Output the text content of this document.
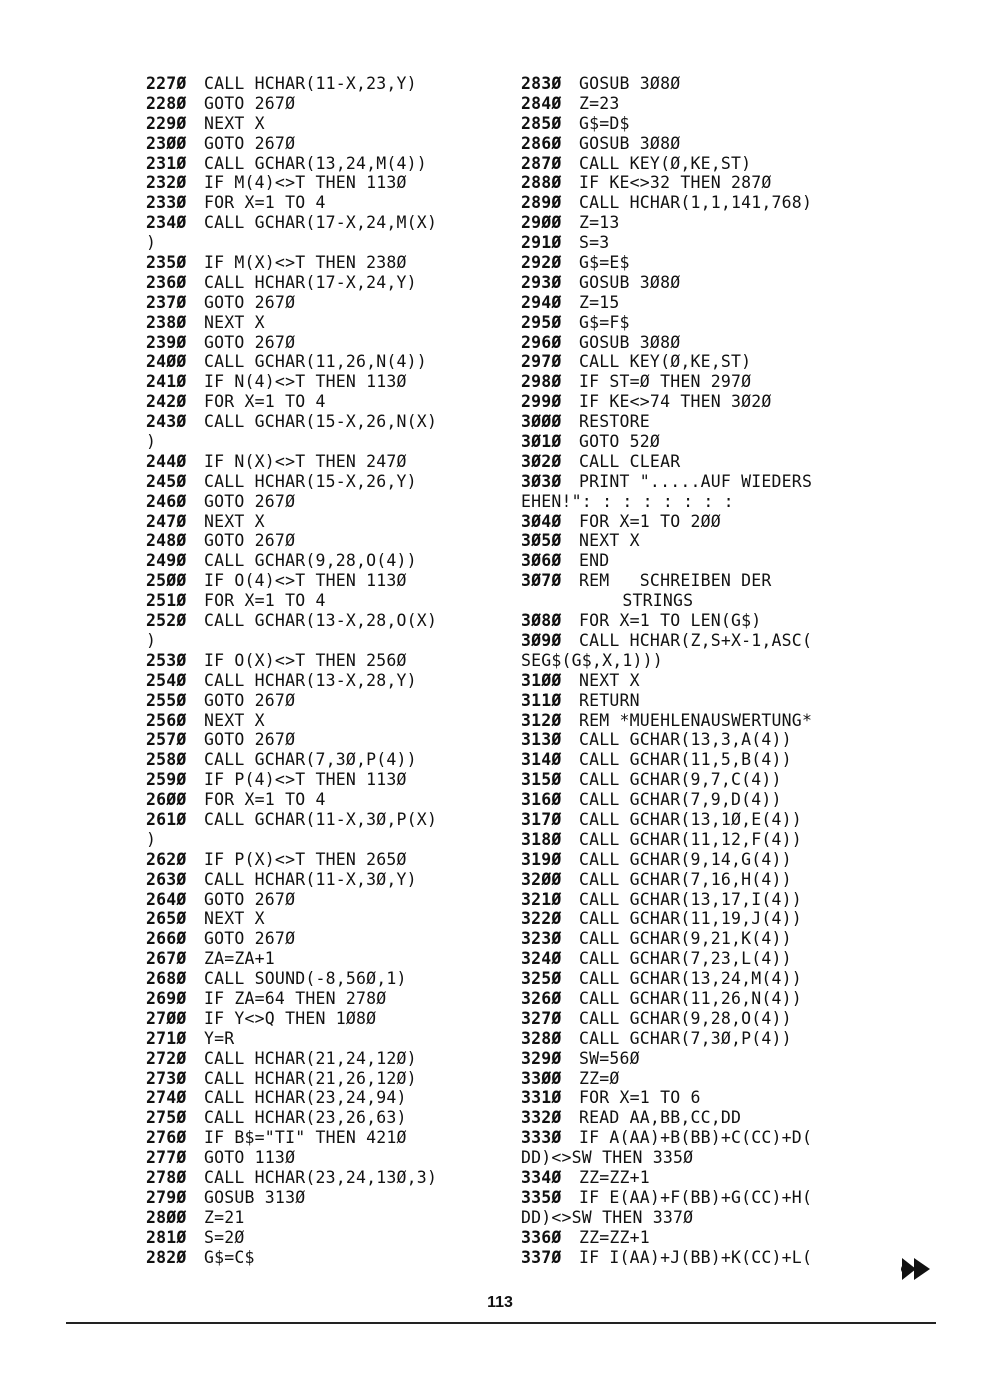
227Ø CALL HCHAR(11-X,23,Y)
228Ø GOTO 267Ø
229Ø NEXT X
23ØØ GOTO 267Ø
231Ø CALL GCHAR(13,24,M(4))
232Ø IF M(4)<>T THEN 113Ø
233Ø FOR X=1 TO 4
234Ø CALL GCHAR(17-X,24,M(X)
)
235Ø IF M(X)<>T THEN 238Ø
236Ø CALL HCHAR(17-X,24,Y)
237Ø GOTO 267Ø
238Ø NEXT X
239Ø GOTO 267Ø
24ØØ CALL GCHAR(11,26,N(4))
241Ø IF N(4)<>T THEN 113Ø
242Ø FOR X=1 TO 4
243Ø CALL GCHAR(15-X,26,N(X)
)
244Ø IF N(X)<>T THEN 247Ø
245Ø CALL HCHAR(15-X,26,Y)
246Ø GOTO 267Ø
247Ø NEXT X
248Ø GOTO 267Ø
249Ø CALL GCHAR(9,28,O(4))
25ØØ IF O(4)<>T THEN 113Ø
251Ø FOR X=1 TO 4
252Ø CALL GCHAR(13-X,28,O(X)
)
253Ø IF O(X)<>T THEN 256Ø
254Ø CALL HCHAR(13-X,28,Y)
255Ø GOTO 267Ø
256Ø NEXT X
257Ø GOTO 267Ø
258Ø CALL GCHAR(7,3Ø,P(4))
259Ø IF P(4)<>T THEN 113Ø
26ØØ FOR X=1 TO 4
261Ø CALL GCHAR(11-X,3Ø,P(X)
)
262Ø IF P(X)<>T THEN 265Ø
263Ø CALL HCHAR(11-X,3Ø,Y)
264Ø GOTO 267Ø
265Ø NEXT X
266Ø GOTO 267Ø
267Ø ZA=ZA+1
268Ø CALL SOUND(-8,56Ø,1)
269Ø IF ZA=64 THEN 278Ø
27ØØ IF Y<>Q THEN 1Ø8Ø
271Ø Y=R
272Ø CALL HCHAR(21,24,12Ø)
273Ø CALL HCHAR(21,26,12Ø)
274Ø CALL HCHAR(23,24,94)
275Ø CALL HCHAR(23,26,63)
276Ø IF B$="TI" THEN 421Ø
277Ø GOTO 113Ø
278Ø CALL HCHAR(23,24,13Ø,3)
279Ø GOSUB 313Ø
28ØØ Z=21
281Ø S=2Ø
282Ø G$=C$
283Ø GOSUB 3Ø8Ø
284Ø Z=23
285Ø G$=D$
286Ø GOSUB 3Ø8Ø
287Ø CALL KEY(Ø,KE,ST)
288Ø IF KE<>32 THEN 287Ø
289Ø CALL HCHAR(1,1,141,768)
29ØØ Z=13
291Ø S=3
292Ø G$=E$
293Ø GOSUB 3Ø8Ø
294Ø Z=15
295Ø G$=F$
296Ø GOSUB 3Ø8Ø
297Ø CALL KEY(Ø,KE,ST)
298Ø IF ST=Ø THEN 297Ø
299Ø IF KE<>74 THEN 3Ø2Ø
3ØØØ RESTORE
3Ø1Ø GOTO 52Ø
3Ø2Ø CALL CLEAR
3Ø3Ø PRINT ".....AUF WIEDERS
EHEN!": : : : : : : :
3Ø4Ø FOR X=1 TO 2ØØ
3Ø5Ø NEXT X
3Ø6Ø END
3Ø7Ø REM   SCHREIBEN DER
STRINGS
3Ø8Ø FOR X=1 TO LEN(G$)
3Ø9Ø CALL HCHAR(Z,S+X-1,ASC(
SEG$(G$,X,1)))
31ØØ NEXT X
311Ø RETURN
312Ø REM *MUEHLENAUSWERTUNG*
313Ø CALL GCHAR(13,3,A(4))
314Ø CALL GCHAR(11,5,B(4))
315Ø CALL GCHAR(9,7,C(4))
316Ø CALL GCHAR(7,9,D(4))
317Ø CALL GCHAR(13,1Ø,E(4))
318Ø CALL GCHAR(11,12,F(4))
319Ø CALL GCHAR(9,14,G(4))
32ØØ CALL GCHAR(7,16,H(4))
321Ø CALL GCHAR(13,17,I(4))
322Ø CALL GCHAR(11,19,J(4))
323Ø CALL GCHAR(9,21,K(4))
324Ø CALL GCHAR(7,23,L(4))
325Ø CALL GCHAR(13,24,M(4))
326Ø CALL GCHAR(11,26,N(4))
327Ø CALL GCHAR(9,28,O(4))
328Ø CALL GCHAR(7,3Ø,P(4))
329Ø SW=56Ø
33ØØ ZZ=Ø
331Ø FOR X=1 TO 6
332Ø READ AA,BB,CC,DD
333Ø IF A(AA)+B(BB)+C(CC)+D(
DD)<>SW THEN 335Ø
334Ø ZZ=ZZ+1
335Ø IF E(AA)+F(BB)+G(CC)+H(
DD)<>SW THEN 337Ø
336Ø ZZ=ZZ+1
337Ø IF I(AA)+J(BB)+K(CC)+L(
113
